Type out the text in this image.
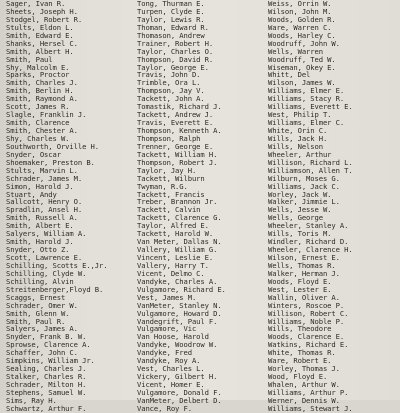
Sager, Ivan R.
Sheets, Joseph H.
Stodgel, Robert R.
Stults, Eldon L.
Smith, Edward E.
Shanks, Hersel C.
Smith, Albert H.
Smith, Paul
Shy, Malcolm E.
Sparks, Proctor
Smith, Charles J.
Smith, Berlin H.
Smith, Raymond A.
Scott, James R.
Slagle, Franklin J.
Smith, Clarence
Smith, Chester A.
Shy, Charles W.
Southworth, Orville H.
Snyder, Oscar
Shoemaker, Preston B.
Stults, Marvin L.
Schrader, James M.
Simon, Harold J.
Stuart, Andy
Sallcott, Henry O.
Spradlin, Ansel H.
Smith, Russell A.
Smith, Albert E.
Salyers, William A.
Smith, Harold J.
Snyder, Otto Z.
Scott, Lawrence E.
Schilling, Scotts E.,Jr.
Schilling, Clyde W.
Schilling, Alvin
Streitenberger,Floyd B.
Scaggs, Ernest
Schrader, Omer W.
Smith, Glenn W.
Smith, Paul R.
Salyers, James A.
Snyder, Frank B. W.
Sprowse, Clarence A.
Schaffer, John C.
Simpkins, William Jr.
Sealing, Charles J.
Stalker, Charles R.
Schrader, Milton H.
Stephens, Samuel W.
Sims, Ray H.
Schwartz, Arthur F.
Tong, Thurman E.
Turpen, Clyde E.
Taylor, Lewis R.
Thoman, Edward R.
Thomason, Andrew
Trainer, Robert H.
Taylor, Charles O.
Thompson, David R.
Taylor, George E.
Travis, John D.
Trimble, Ora L.
Thompson, Jay V.
Tackett, John A.
Tomastik, Richard J.
Tackett, Andrew J.
Travis, Everett E.
Thompson, Kenneth A.
Thompson, Ralph
Trenner, George E.
Tackett, William H.
Thompson, Robert J.
Taylor, Jay H.
Tackett, Wilburn
Twyman, R.G.
Tackett, Francis
Treber, Brannon Jr.
Tackett, Calvin
Tackett, Clarence G.
Taylor, Alfred E.
Tackett, Harold W.
Van Meter, Dallas N.
Vallery, William G.
Vincent, Leslie E.
Vallery, Harry T.
Vicent, Delmo C.
Vandyke, Charles A.
Vulgamore, Richard E.
Vest, James M.
VanMeter, Stanley N.
Vulgamore, Howard D.
Vandegrift, Paul F.
Vulgamore, Vic
Van Hoose, Harold
Vandyke, Woodrow W.
Vandyke, Fred
Vandyke, Roy A.
Vest, Charles L.
Vickery, Gilbert H.
Vicent, Homer E.
Vulgamore, Donald F.
VanMeter, Delbert D.
Vance, Roy F.
Weiss, Orrin W.
Wilson, John M.
Woods, Golden R.
Ware, Warren C.
Woods, Harley C.
Woodruff, John W.
Wells, Warren
Woodruff, Ted W.
Wiseman, Okey E.
Whitt, Del
Wilson, James W.
Williams, Elmer E.
Williams, Stacy R.
Williams, Everett E.
West, Philip T.
Williams, Elmer C.
White, Orin C.
Wills, Jack H.
Wills, Nelson
Wheeler, Arthur
Willison, Richard L.
Williamson, Allen T.
Wilburn, Moses G.
Williams, Jack C.
Worley, Jack W.
Walker, Jimmie L.
Wells, Jesse W.
Wells, George
Wheeler, Stanley A.
Wills, Toris M.
Windler, Richard D.
Wheeler, Clarence H.
Wilson, Ernest E.
Wells, Thomas R.
Walker, Herman J.
Woods, Floyd E.
West, Lester E.
Wallin, Oliver A.
Winters, Roscoe P.
Willison, Robert C.
Williams, Noble P.
Wills, Theodore
Woods, Clarence E.
Watkins, Richard E.
White, Thomas R.
Ware, Robert E.
Worley, Thomas J.
Wood, Floyd E.
Whalen, Arthur W.
Williams, Arthur P.
Werner, Dennis W.
Williams, Stewart J.
